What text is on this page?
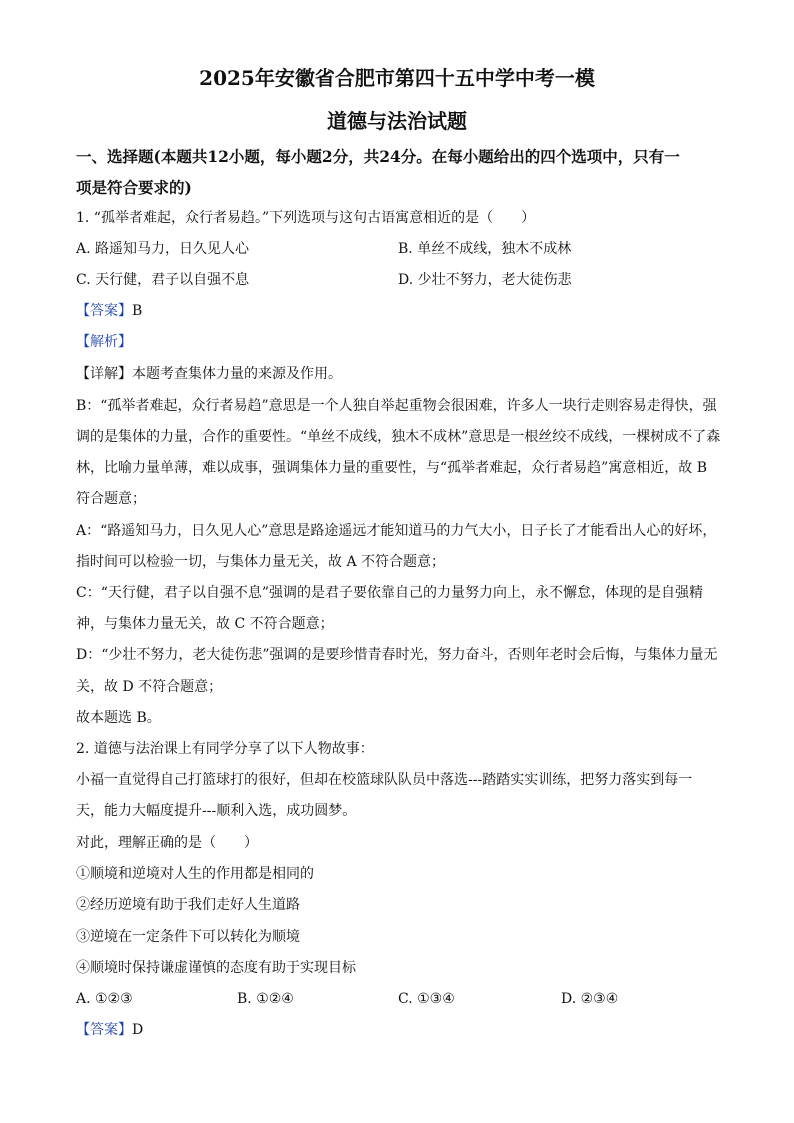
2025年安徽省合肥市第四十五中学中考一模
道德与法治试题
一、选择题(本题共12小题，每小题2分，共24分。在每小题给出的四个选项中，只有一
项是符合要求的)
1. “孤举者难起，众行者易趋。”下列选项与这句古语寓意相近的是（　　）
A. 路遥知马力，日久见人心	B. 单丝不成线，独木不成林
C. 天行健，君子以自强不息	D. 少壮不努力，老大徒伤悲
【答案】B
【解析】
【详解】本题考查集体力量的来源及作用。
B：“孤举者难起，众行者易趋”意思是一个人独自举起重物会很困难，许多人一块行走则容易走得快，强
调的是集体的力量，合作的重要性。“单丝不成线，独木不成林”意思是一根丝绞不成线，一棵树成不了森
林，比喻力量单薄，难以成事，强调集体力量的重要性，与“孤举者难起，众行者易趋”寓意相近，故 B
符合题意；
A：“路遥知马力，日久见人心”意思是路途遥远才能知道马的力气大小，日子长了才能看出人心的好坏，
指时间可以检验一切，与集体力量无关，故 A 不符合题意；
C：“天行健，君子以自强不息”强调的是君子要依靠自己的力量努力向上，永不懈怠，体现的是自强精
神，与集体力量无关，故 C 不符合题意；
D：“少壮不努力，老大徒伤悲”强调的是要珍惜青春时光，努力奋斗，否则年老时会后悔，与集体力量无
关，故 D 不符合题意；
故本题选 B。
2. 道德与法治课上有同学分享了以下人物故事：
小福一直觉得自己打篮球打的很好，但却在校篮球队队员中落选---踏踏实实训练，把努力落实到每一
天，能力大幅度提升---顺利入选，成功圆梦。
对此，理解正确的是（　　）
①顺境和逆境对人生的作用都是相同的
②经历逆境有助于我们走好人生道路
③逆境在一定条件下可以转化为顺境
④顺境时保持谦虚谨慎的态度有助于实现目标
A. ①②③	B. ①②④	C. ①③④	D. ②③④
【答案】D
